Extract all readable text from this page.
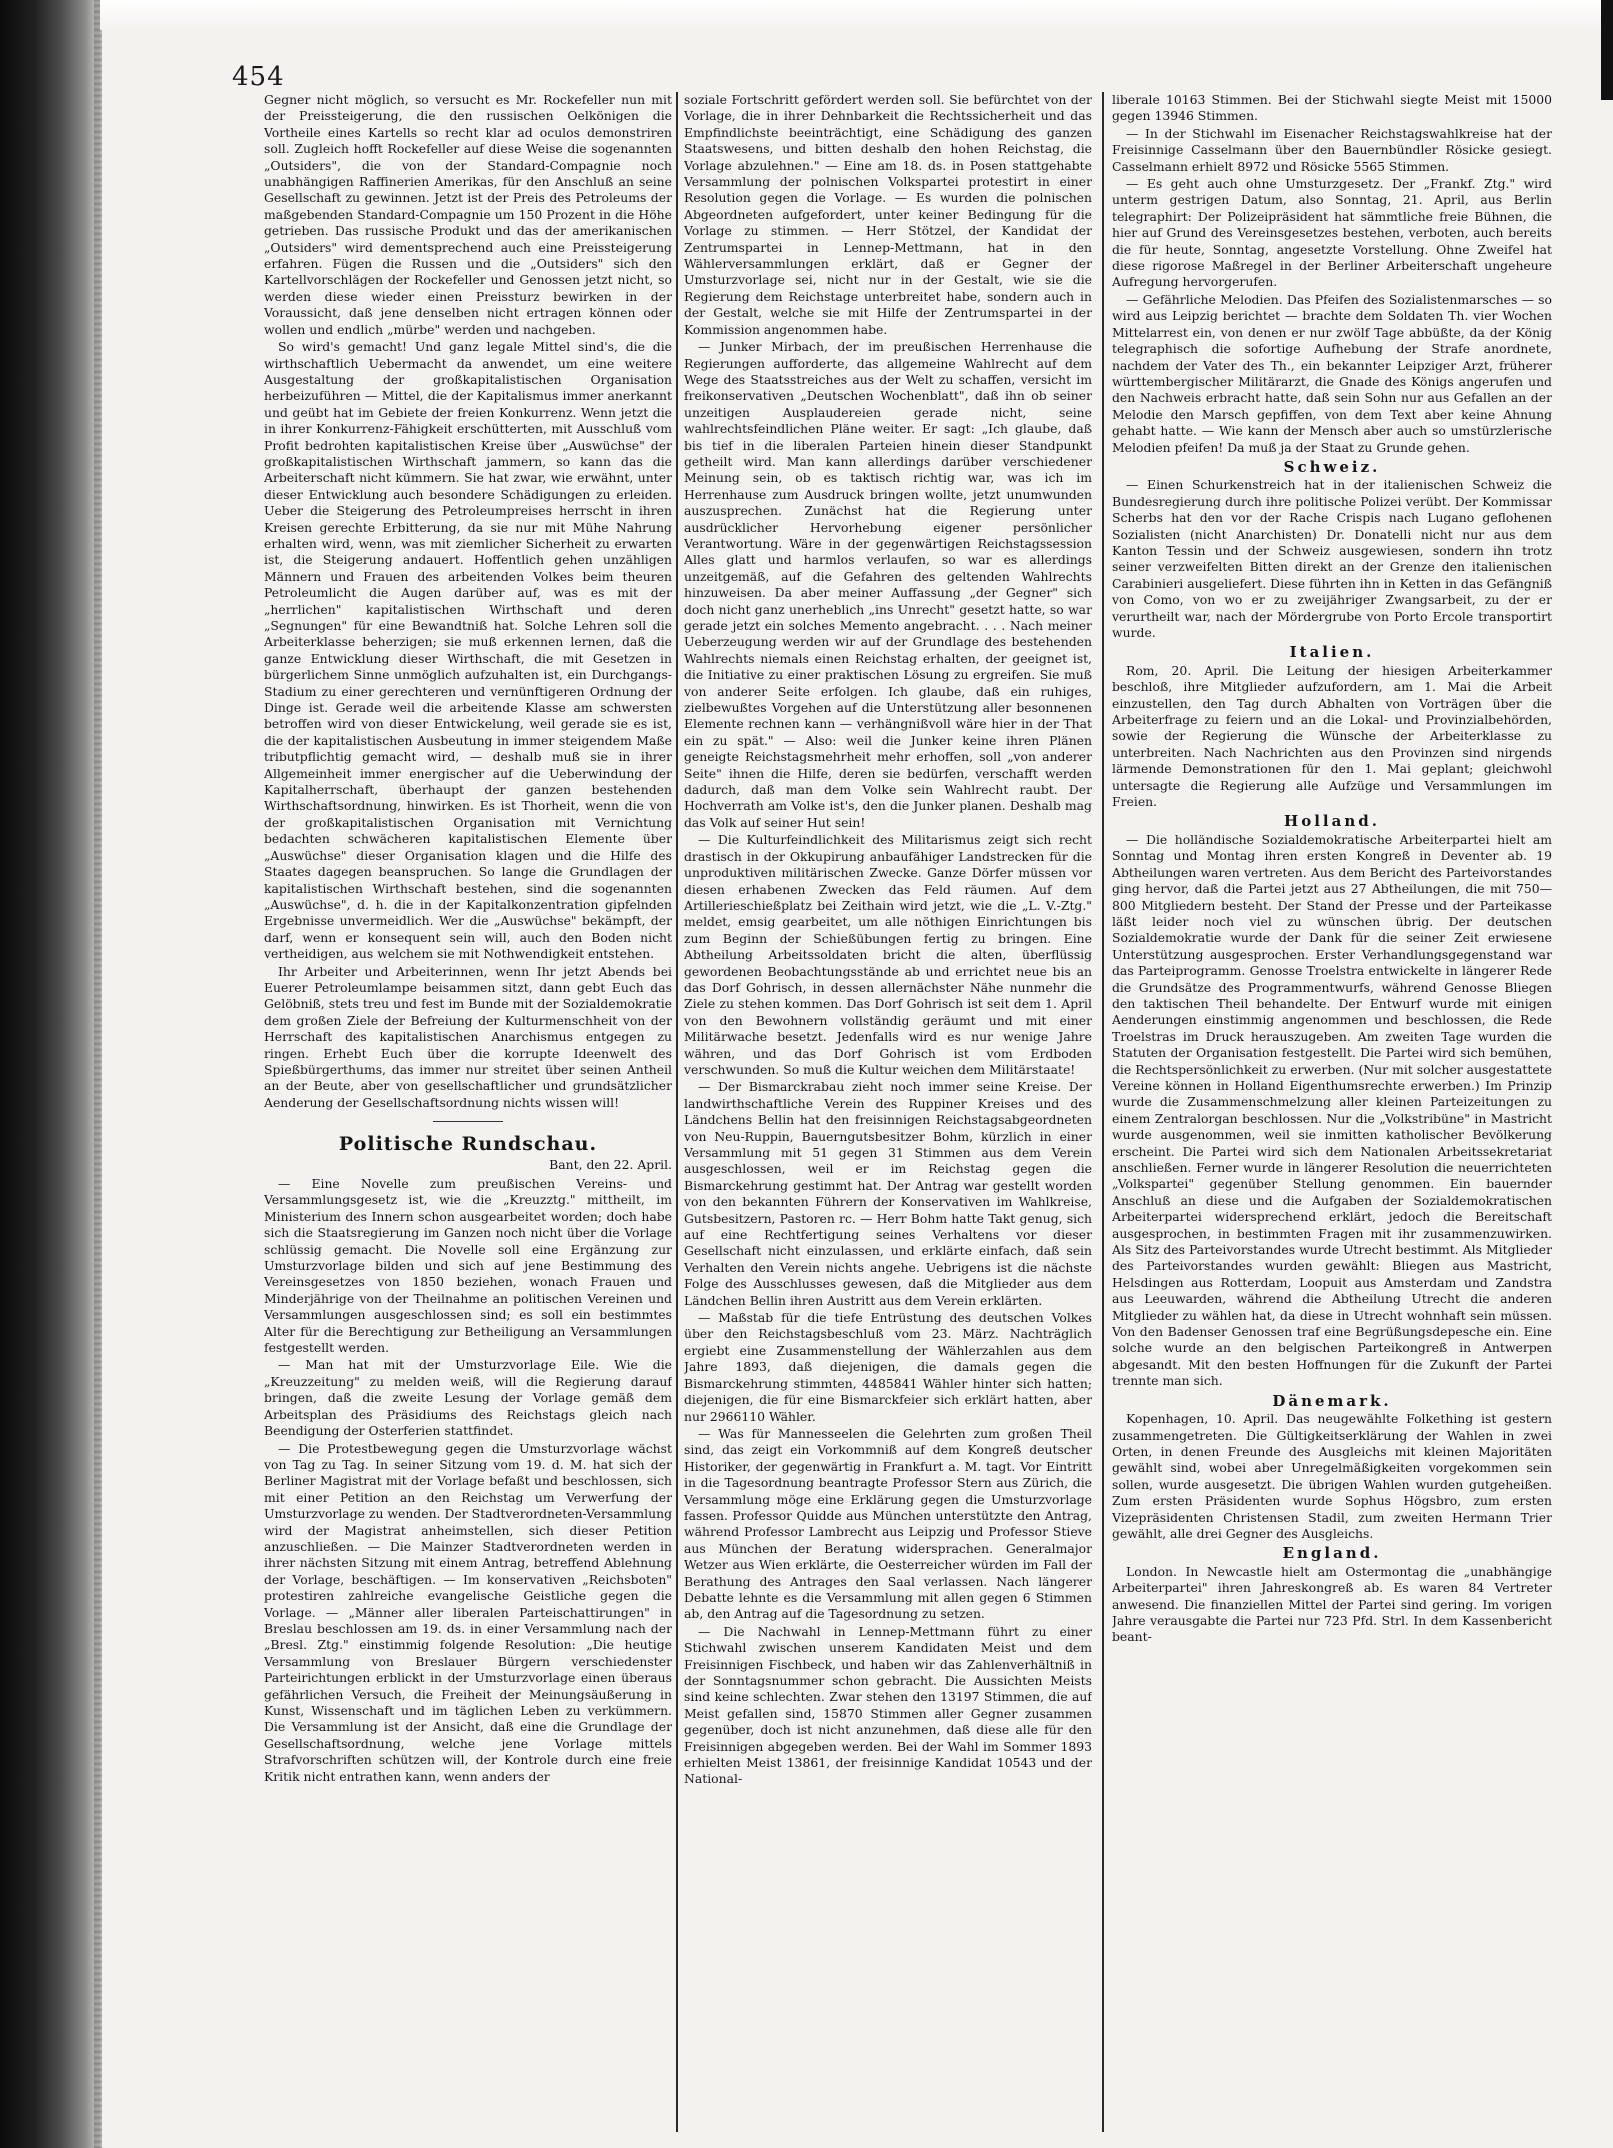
454

Gegner nicht möglich, so versucht es Mr. Rockefeller nun mit der Preissteigerung, die den russischen Oelkönigen die Vortheile eines Kartells so recht klar ad oculos demonstriren soll. Zugleich hofft Rockefeller auf diese Weise die sogenannten „Outsiders", die von der Standard-Compagnie noch unabhängigen Raffinerien Amerikas, für den Anschluß an seine Gesellschaft zu gewinnen. Jetzt ist der Preis des Petroleums der maßgebenden Standard-Compagnie um 150 Prozent in die Höhe getrieben. Das russische Produkt und das der amerikanischen „Outsiders" wird dementsprechend auch eine Preissteigerung erfahren. Fügen die Russen und die „Outsiders" sich den Kartellvorschlägen der Rockefeller und Genossen jetzt nicht, so werden diese wieder einen Preissturz bewirken in der Voraussicht, daß jene denselben nicht ertragen können oder wollen und endlich „mürbe" werden und nachgeben.

So wird's gemacht! Und ganz legale Mittel sind's, die die wirthschaftlich Uebermacht da anwendet, um eine weitere Ausgestaltung der großkapitalistischen Organisation herbeizuführen — Mittel, die der Kapitalismus immer anerkannt und geübt hat im Gebiete der freien Konkurrenz. Wenn jetzt die in ihrer Konkurrenz-Fähigkeit erschütterten, mit Ausschluß vom Profit bedrohten kapitalistischen Kreise über „Auswüchse" der großkapitalistischen Wirthschaft jammern, so kann das die Arbeiterschaft nicht kümmern. Sie hat zwar, wie erwähnt, unter dieser Entwicklung auch besondere Schädigungen zu erleiden. Ueber die Steigerung des Petroleumpreises herrscht in ihren Kreisen gerechte Erbitterung, da sie nur mit Mühe Nahrung erhalten wird, wenn, was mit ziemlicher Sicherheit zu erwarten ist, die Steigerung andauert. Hoffentlich gehen unzähligen Männern und Frauen des arbeitenden Volkes beim theuren Petroleumlicht die Augen darüber auf, was es mit der „herrlichen" kapitalistischen Wirthschaft und deren „Segnungen" für eine Bewandtniß hat. Solche Lehren soll die Arbeiterklasse beherzigen; sie muß erkennen lernen, daß die ganze Entwicklung dieser Wirthschaft, die mit Gesetzen in bürgerlichem Sinne unmöglich aufzuhalten ist, ein Durchgangs-Stadium zu einer gerechteren und vernünftigeren Ordnung der Dinge ist. Gerade weil die arbeitende Klasse am schwersten betroffen wird von dieser Entwickelung, weil gerade sie es ist, die der kapitalistischen Ausbeutung in immer steigendem Maße tributpflichtig gemacht wird, — deshalb muß sie in ihrer Allgemeinheit immer energischer auf die Ueberwindung der Kapitalherrschaft, überhaupt der ganzen bestehenden Wirthschaftsordnung, hinwirken. Es ist Thorheit, wenn die von der großkapitalistischen Organisation mit Vernichtung bedachten schwächeren kapitalistischen Elemente über „Auswüchse" dieser Organisation klagen und die Hilfe des Staates dagegen beanspruchen. So lange die Grundlagen der kapitalistischen Wirthschaft bestehen, sind die sogenannten „Auswüchse", d. h. die in der Kapitalkonzentration gipfelnden Ergebnisse unvermeidlich. Wer die „Auswüchse" bekämpft, der darf, wenn er konsequent sein will, auch den Boden nicht vertheidigen, aus welchem sie mit Nothwendigkeit entstehen.

Ihr Arbeiter und Arbeiterinnen, wenn Ihr jetzt Abends bei Euerer Petroleumlampe beisammen sitzt, dann gebt Euch das Gelöbniß, stets treu und fest im Bunde mit der Sozialdemokratie dem großen Ziele der Befreiung der Kulturmenschheit von der Herrschaft des kapitalistischen Anarchismus entgegen zu ringen. Erhebt Euch über die korrupte Ideenwelt des Spießbürgerthums, das immer nur streitet über seinen Antheil an der Beute, aber von gesellschaftlicher und grundsätzlicher Aenderung der Gesellschaftsordnung nichts wissen will!

Politische Rundschau.
Bant, den 22. April.

— Eine Novelle zum preußischen Vereins- und Versammlungsgesetz ist, wie die „Kreuzztg." mittheilt, im Ministerium des Innern schon ausgearbeitet worden; doch habe sich die Staatsregierung im Ganzen noch nicht über die Vorlage schlüssig gemacht. Die Novelle soll eine Ergänzung zur Umsturzvorlage bilden und sich auf jene Bestimmung des Vereinsgesetzes von 1850 beziehen, wonach Frauen und Minderjährige von der Theilnahme an politischen Vereinen und Versammlungen ausgeschlossen sind; es soll ein bestimmtes Alter für die Berechtigung zur Betheiligung an Versammlungen festgestellt werden.

— Man hat mit der Umsturzvorlage Eile. Wie die „Kreuzzeitung" zu melden weiß, will die Regierung darauf bringen, daß die zweite Lesung der Vorlage gemäß dem Arbeitsplan des Präsidiums des Reichstags gleich nach Beendigung der Osterferien stattfindet.

— Die Protestbewegung gegen die Umsturzvorlage wächst von Tag zu Tag. In seiner Sitzung vom 19. d. M. hat sich der Berliner Magistrat mit der Vorlage befaßt und beschlossen, sich mit einer Petition an den Reichstag um Verwerfung der Umsturzvorlage zu wenden. Der Stadtverordneten-Versammlung wird der Magistrat anheimstellen, sich dieser Petition anzuschließen. — Die Mainzer Stadtverordneten werden in ihrer nächsten Sitzung mit einem Antrag, betreffend Ablehnung der Vorlage, beschäftigen. — Im konservativen „Reichsboten" protestiren zahlreiche evangelische Geistliche gegen die Vorlage. — „Männer aller liberalen Parteischattirungen" in Breslau beschlossen am 19. ds. in einer Versammlung nach der „Bresl. Ztg." einstimmig folgende Resolution: „Die heutige Versammlung von Breslauer Bürgern verschiedenster Parteirichtungen erblickt in der Umsturzvorlage einen überaus gefährlichen Versuch, die Freiheit der Meinungsäußerung in Kunst, Wissenschaft und im täglichen Leben zu verkümmern. Die Versammlung ist der Ansicht, daß eine die Grundlage der Gesellschaftsordnung, welche jene Vorlage mittels Strafvorschriften schützen will, der Kontrole durch eine freie Kritik nicht entrathen kann, wenn anders der

soziale Fortschritt gefördert werden soll. Sie befürchtet von der Vorlage, die in ihrer Dehnbarkeit die Rechtssicherheit und das Empfindlichste beeinträchtigt, eine Schädigung des ganzen Staatswesens, und bitten deshalb den hohen Reichstag, die Vorlage abzulehnen." — Eine am 18. ds. in Posen stattgehabte Versammlung der polnischen Volkspartei protestirt in einer Resolution gegen die Vorlage. — Es wurden die polnischen Abgeordneten aufgefordert, unter keiner Bedingung für die Vorlage zu stimmen. — Herr Stötzel, der Kandidat der Zentrumspartei in Lennep-Mettmann, hat in den Wählerversammlungen erklärt, daß er Gegner der Umsturzvorlage sei, nicht nur in der Gestalt, wie sie die Regierung dem Reichstage unterbreitet habe, sondern auch in der Gestalt, welche sie mit Hilfe der Zentrumspartei in der Kommission angenommen habe.

— Junker Mirbach, der im preußischen Herrenhause die Regierungen aufforderte, das allgemeine Wahlrecht auf dem Wege des Staatsstreiches aus der Welt zu schaffen, versicht im freikonservativen „Deutschen Wochenblatt", daß ihn ob seiner unzeitigen Ausplaudereien gerade nicht, seine wahlrechtsfeindlichen Pläne weiter. Er sagt: „Ich glaube, daß bis tief in die liberalen Parteien hinein dieser Standpunkt getheilt wird. Man kann allerdings darüber verschiedener Meinung sein, ob es taktisch richtig war, was ich im Herrenhause zum Ausdruck bringen wollte, jetzt unumwunden auszusprechen. Zunächst hat die Regierung unter ausdrücklicher Hervorhebung eigener persönlicher Verantwortung. Wäre in der gegenwärtigen Reichstagssession Alles glatt und harmlos verlaufen, so war es allerdings unzeitgemäß, auf die Gefahren des geltenden Wahlrechts hinzuweisen. Da aber meiner Auffassung „der Gegner" sich doch nicht ganz unerheblich „ins Unrecht" gesetzt hatte, so war gerade jetzt ein solches Memento angebracht. . . . Nach meiner Ueberzeugung werden wir auf der Grundlage des bestehenden Wahlrechts niemals einen Reichstag erhalten, der geeignet ist, die Initiative zu einer praktischen Lösung zu ergreifen. Sie muß von anderer Seite erfolgen. Ich glaube, daß ein ruhiges, zielbewußtes Vorgehen auf die Unterstützung aller besonnenen Elemente rechnen kann — verhängnißvoll wäre hier in der That ein zu spät." — Also: weil die Junker keine ihren Plänen geneigte Reichstagsmehrheit mehr erhoffen, soll „von anderer Seite" ihnen die Hilfe, deren sie bedürfen, verschafft werden dadurch, daß man dem Volke sein Wahlrecht raubt. Der Hochverrath am Volke ist's, den die Junker planen. Deshalb mag das Volk auf seiner Hut sein!

— Die Kulturfeindlichkeit des Militarismus zeigt sich recht drastisch in der Okkupirung anbaufähiger Landstrecken für die unproduktiven militärischen Zwecke. Ganze Dörfer müssen vor diesen erhabenen Zwecken das Feld räumen. Auf dem Artillerieschießplatz bei Zeithain wird jetzt, wie die „L. V.-Ztg." meldet, emsig gearbeitet, um alle nöthigen Einrichtungen bis zum Beginn der Schießübungen fertig zu bringen. Eine Abtheilung Arbeitssoldaten bricht die alten, überflüssig gewordenen Beobachtungsstände ab und errichtet neue bis an das Dorf Gohrisch, in dessen allernächster Nähe nunmehr die Ziele zu stehen kommen. Das Dorf Gohrisch ist seit dem 1. April von den Bewohnern vollständig geräumt und mit einer Militärwache besetzt. Jedenfalls wird es nur wenige Jahre währen, und das Dorf Gohrisch ist vom Erdboden verschwunden. So muß die Kultur weichen dem Militärstaate!

— Der Bismarckrabau zieht noch immer seine Kreise. Der landwirthschaftliche Verein des Ruppiner Kreises und des Ländchens Bellin hat den freisinnigen Reichstagsabgeordneten von Neu-Ruppin, Bauerngutsbesitzer Bohm, kürzlich in einer Versammlung mit 51 gegen 31 Stimmen aus dem Verein ausgeschlossen, weil er im Reichstag gegen die Bismarckehrung gestimmt hat. Der Antrag war gestellt worden von den bekannten Führern der Konservativen im Wahlkreise, Gutsbesitzern, Pastoren rc. — Herr Bohm hatte Takt genug, sich auf eine Rechtfertigung seines Verhaltens vor dieser Gesellschaft nicht einzulassen, und erklärte einfach, daß sein Verhalten den Verein nichts angehe. Uebrigens ist die nächste Folge des Ausschlusses gewesen, daß die Mitglieder aus dem Ländchen Bellin ihren Austritt aus dem Verein erklärten.

— Maßstab für die tiefe Entrüstung des deutschen Volkes über den Reichstagsbeschluß vom 23. März. Nachträglich ergiebt eine Zusammenstellung der Wählerzahlen aus dem Jahre 1893, daß diejenigen, die damals gegen die Bismarckehrung stimmten, 4485841 Wähler hinter sich hatten; diejenigen, die für eine Bismarckfeier sich erklärt hatten, aber nur 2966110 Wähler.

— Was für Mannesseelen die Gelehrten zum großen Theil sind, das zeigt ein Vorkommniß auf dem Kongreß deutscher Historiker, der gegenwärtig in Frankfurt a. M. tagt. Vor Eintritt in die Tagesordnung beantragte Professor Stern aus Zürich, die Versammlung möge eine Erklärung gegen die Umsturzvorlage fassen. Professor Quidde aus München unterstützte den Antrag, während Professor Lambrecht aus Leipzig und Professor Stieve aus München der Beratung widersprachen. Generalmajor Wetzer aus Wien erklärte, die Oesterreicher würden im Fall der Berathung des Antrages den Saal verlassen. Nach längerer Debatte lehnte es die Versammlung mit allen gegen 6 Stimmen ab, den Antrag auf die Tagesordnung zu setzen.

— Die Nachwahl in Lennep-Mettmann führt zu einer Stichwahl zwischen unserem Kandidaten Meist und dem Freisinnigen Fischbeck, und haben wir das Zahlenverhältniß in der Sonntagsnummer schon gebracht. Die Aussichten Meists sind keine schlechten. Zwar stehen den 13197 Stimmen, die auf Meist gefallen sind, 15870 Stimmen aller Gegner zusammen gegenüber, doch ist nicht anzunehmen, daß diese alle für den Freisinnigen abgegeben werden. Bei der Wahl im Sommer 1893 erhielten Meist 13861, der freisinnige Kandidat 10543 und der National-

liberale 10163 Stimmen. Bei der Stichwahl siegte Meist mit 15000 gegen 13946 Stimmen.

— In der Stichwahl im Eisenacher Reichstagswahlkreise hat der Freisinnige Casselmann über den Bauernbündler Rösicke gesiegt. Casselmann erhielt 8972 und Rösicke 5565 Stimmen.

— Es geht auch ohne Umsturzgesetz. Der „Frankf. Ztg." wird unterm gestrigen Datum, also Sonntag, 21. April, aus Berlin telegraphirt: Der Polizeipräsident hat sämmtliche freie Bühnen, die hier auf Grund des Vereinsgesetzes bestehen, verboten, auch bereits die für heute, Sonntag, angesetzte Vorstellung. Ohne Zweifel hat diese rigorose Maßregel in der Berliner Arbeiterschaft ungeheure Aufregung hervorgerufen.

— Gefährliche Melodien. Das Pfeifen des Sozialistenmarsches — so wird aus Leipzig berichtet — brachte dem Soldaten Th. vier Wochen Mittelarrest ein, von denen er nur zwölf Tage abbüßte, da der König telegraphisch die sofortige Aufhebung der Strafe anordnete, nachdem der Vater des Th., ein bekannter Leipziger Arzt, früherer württembergischer Militärarzt, die Gnade des Königs angerufen und den Nachweis erbracht hatte, daß sein Sohn nur aus Gefallen an der Melodie den Marsch gepfiffen, von dem Text aber keine Ahnung gehabt hatte. — Wie kann der Mensch aber auch so umstürzlerische Melodien pfeifen! Da muß ja der Staat zu Grunde gehen.

Schweiz.

— Einen Schurkenstreich hat in der italienischen Schweiz die Bundesregierung durch ihre politische Polizei verübt. Der Kommissar Scherbs hat den vor der Rache Crispis nach Lugano geflohenen Sozialisten (nicht Anarchisten) Dr. Donatelli nicht nur aus dem Kanton Tessin und der Schweiz ausgewiesen, sondern ihn trotz seiner verzweifelten Bitten direkt an der Grenze den italienischen Carabinieri ausgeliefert. Diese führten ihn in Ketten in das Gefängniß von Como, von wo er zu zweijähriger Zwangsarbeit, zu der er verurtheilt war, nach der Mördergrube von Porto Ercole transportirt wurde.

Italien.

Rom, 20. April. Die Leitung der hiesigen Arbeiterkammer beschloß, ihre Mitglieder aufzufordern, am 1. Mai die Arbeit einzustellen, den Tag durch Abhalten von Vorträgen über die Arbeiterfrage zu feiern und an die Lokal- und Provinzialbehörden, sowie der Regierung die Wünsche der Arbeiterklasse zu unterbreiten. Nach Nachrichten aus den Provinzen sind nirgends lärmende Demonstrationen für den 1. Mai geplant; gleichwohl untersagte die Regierung alle Aufzüge und Versammlungen im Freien.

Holland.

— Die holländische Sozialdemokratische Arbeiterpartei hielt am Sonntag und Montag ihren ersten Kongreß in Deventer ab. 19 Abtheilungen waren vertreten. Aus dem Bericht des Parteivorstandes ging hervor, daß die Partei jetzt aus 27 Abtheilungen, die mit 750—800 Mitgliedern besteht. Der Stand der Presse und der Parteikasse läßt leider noch viel zu wünschen übrig. Der deutschen Sozialdemokratie wurde der Dank für die seiner Zeit erwiesene Unterstützung ausgesprochen. Erster Verhandlungsgegenstand war das Parteiprogramm. Genosse Troelstra entwickelte in längerer Rede die Grundsätze des Programmentwurfs, während Genosse Bliegen den taktischen Theil behandelte. Der Entwurf wurde mit einigen Aenderungen einstimmig angenommen und beschlossen, die Rede Troelstras im Druck herauszugeben. Am zweiten Tage wurden die Statuten der Organisation festgestellt. Die Partei wird sich bemühen, die Rechtspersönlichkeit zu erwerben. (Nur mit solcher ausgestattete Vereine können in Holland Eigenthumsrechte erwerben.) Im Prinzip wurde die Zusammenschmelzung aller kleinen Parteizeitungen zu einem Zentralorgan beschlossen. Nur die „Volkstribüne" in Mastricht wurde ausgenommen, weil sie inmitten katholischer Bevölkerung erscheint. Die Partei wird sich dem Nationalen Arbeitssekretariat anschließen. Ferner wurde in längerer Resolution die neuerrichteten „Volkspartei" gegenüber Stellung genommen. Ein bauernder Anschluß an diese und die Aufgaben der Sozialdemokratischen Arbeiterpartei widersprechend erklärt, jedoch die Bereitschaft ausgesprochen, in bestimmten Fragen mit ihr zusammenzuwirken. Als Sitz des Parteivorstandes wurde Utrecht bestimmt. Als Mitglieder des Parteivorstandes wurden gewählt: Bliegen aus Mastricht, Helsdingen aus Rotterdam, Loopuit aus Amsterdam und Zandstra aus Leeuwarden, während die Abtheilung Utrecht die anderen Mitglieder zu wählen hat, da diese in Utrecht wohnhaft sein müssen. Von den Badenser Genossen traf eine Begrüßungsdepesche ein. Eine solche wurde an den belgischen Parteikongreß in Antwerpen abgesandt. Mit den besten Hoffnungen für die Zukunft der Partei trennte man sich.

Dänemark.

Kopenhagen, 10. April. Das neugewählte Folkething ist gestern zusammengetreten. Die Gültigkeitserklärung der Wahlen in zwei Orten, in denen Freunde des Ausgleichs mit kleinen Majoritäten gewählt sind, wobei aber Unregelmäßigkeiten vorgekommen sein sollen, wurde ausgesetzt. Die übrigen Wahlen wurden gutgeheißen. Zum ersten Präsidenten wurde Sophus Högsbro, zum ersten Vizepräsidenten Christensen Stadil, zum zweiten Hermann Trier gewählt, alle drei Gegner des Ausgleichs.

England.

London. In Newcastle hielt am Ostermontag die „unabhängige Arbeiterpartei" ihren Jahreskongreß ab. Es waren 84 Vertreter anwesend. Die finanziellen Mittel der Partei sind gering. Im vorigen Jahre verausgabte die Partei nur 723 Pfd. Strl. In dem Kassenbericht beant-
